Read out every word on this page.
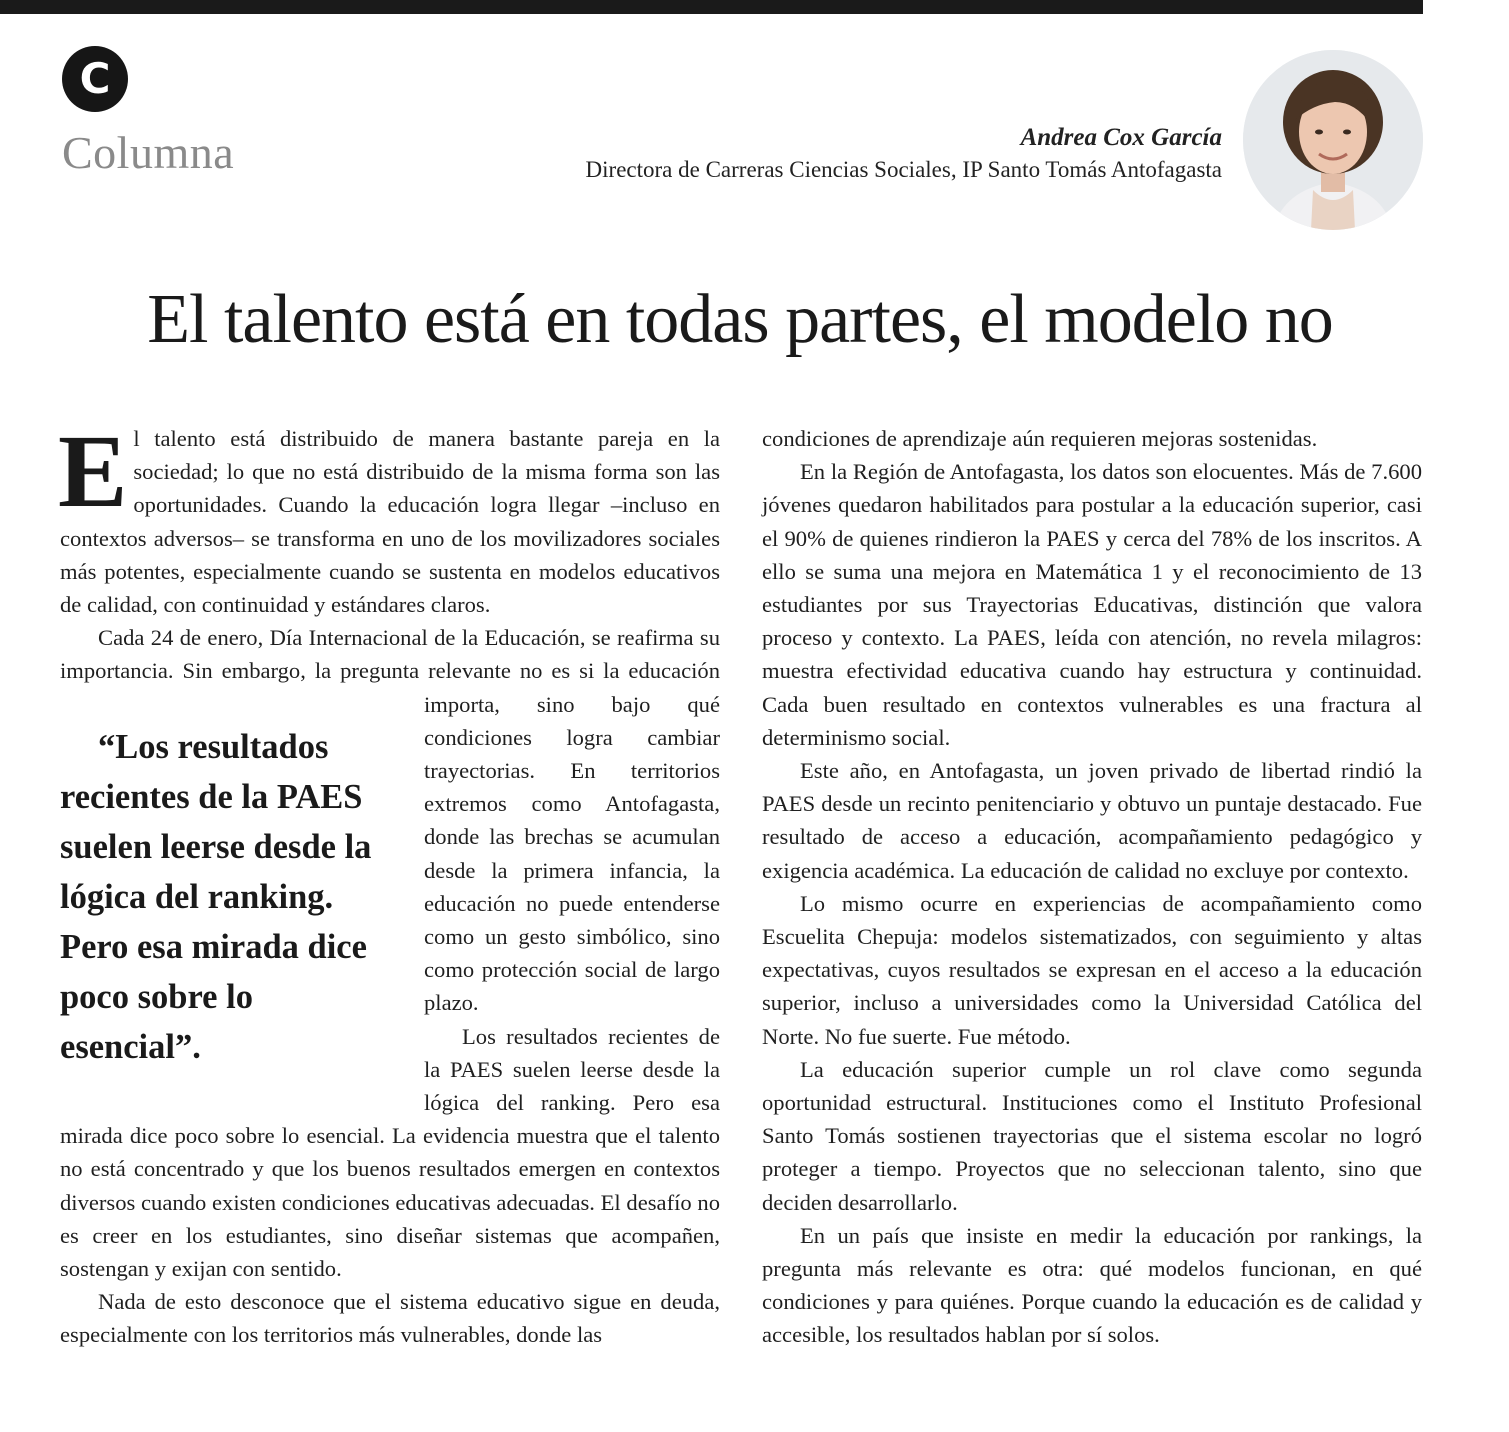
C
Columna	Andrea Cox García
Directora de Carreras Ciencias Sociales, IP Santo Tomás Antofagasta
El talento está en todas partes, el modelo no

El talento está distribuido de manera bastante pareja en la sociedad; lo que no está distribuido de la misma forma son las oportunidades. Cuando la educación logra llegar –incluso en contextos adversos– se transforma en uno de los movilizadores sociales más potentes, especialmente cuando se sustenta en modelos educativos de calidad, con continuidad y estándares claros.

Cada 24 de enero, Día Internacional de la Educación, se reafirma su importancia. Sin embargo, la pregunta relevante no es
“Los resultados recientes de la PAES suelen leerse desde la lógica del ranking. Pero esa mirada dice poco sobre lo esencial”.
si la educación importa, sino bajo qué condiciones logra cambiar trayectorias. En territorios extremos como Antofagasta, donde las brechas se acumulan desde la primera infancia, la educación no puede entenderse como un gesto simbólico, sino como protección social de largo plazo.

Los resultados recientes de la PAES suelen leerse desde la lógica del ranking. Pero esa mirada dice poco sobre lo esencial. La evidencia muestra que el talento no está concentrado y que los buenos resultados emergen en contextos diversos cuando existen condiciones educativas adecuadas. El desafío no es creer en los estudiantes, sino diseñar sistemas que acompañen, sostengan y exijan con sentido.

Nada de esto desconoce que el sistema educativo sigue en deuda, especialmente con los territorios más vulnerables, donde las

condiciones de aprendizaje aún requieren mejoras sostenidas.

En la Región de Antofagasta, los datos son elocuentes. Más de 7.600 jóvenes quedaron habilitados para postular a la educación superior, casi el 90% de quienes rindieron la PAES y cerca del 78% de los inscritos. A ello se suma una mejora en Matemática 1 y el reconocimiento de 13 estudiantes por sus Trayectorias Educativas, distinción que valora proceso y contexto. La PAES, leída con atención, no revela milagros: muestra efectividad educativa cuando hay estructura y continuidad. Cada buen resultado en contextos vulnerables es una fractura al determinismo social.

Este año, en Antofagasta, un joven privado de libertad rindió la PAES desde un recinto penitenciario y obtuvo un puntaje destacado. Fue resultado de acceso a educación, acompañamiento pedagógico y exigencia académica. La educación de calidad no excluye por contexto.

Lo mismo ocurre en experiencias de acompañamiento como Escuelita Chepuja: modelos sistematizados, con seguimiento y altas expectativas, cuyos resultados se expresan en el acceso a la educación superior, incluso a universidades como la Universidad Católica del Norte. No fue suerte. Fue método.

La educación superior cumple un rol clave como segunda oportunidad estructural. Instituciones como el Instituto Profesional Santo Tomás sostienen trayectorias que el sistema escolar no logró proteger a tiempo. Proyectos que no seleccionan talento, sino que deciden desarrollarlo.

En un país que insiste en medir la educación por rankings, la pregunta más relevante es otra: qué modelos funcionan, en qué condiciones y para quiénes. Porque cuando la educación es de calidad y accesible, los resultados hablan por sí solos.
